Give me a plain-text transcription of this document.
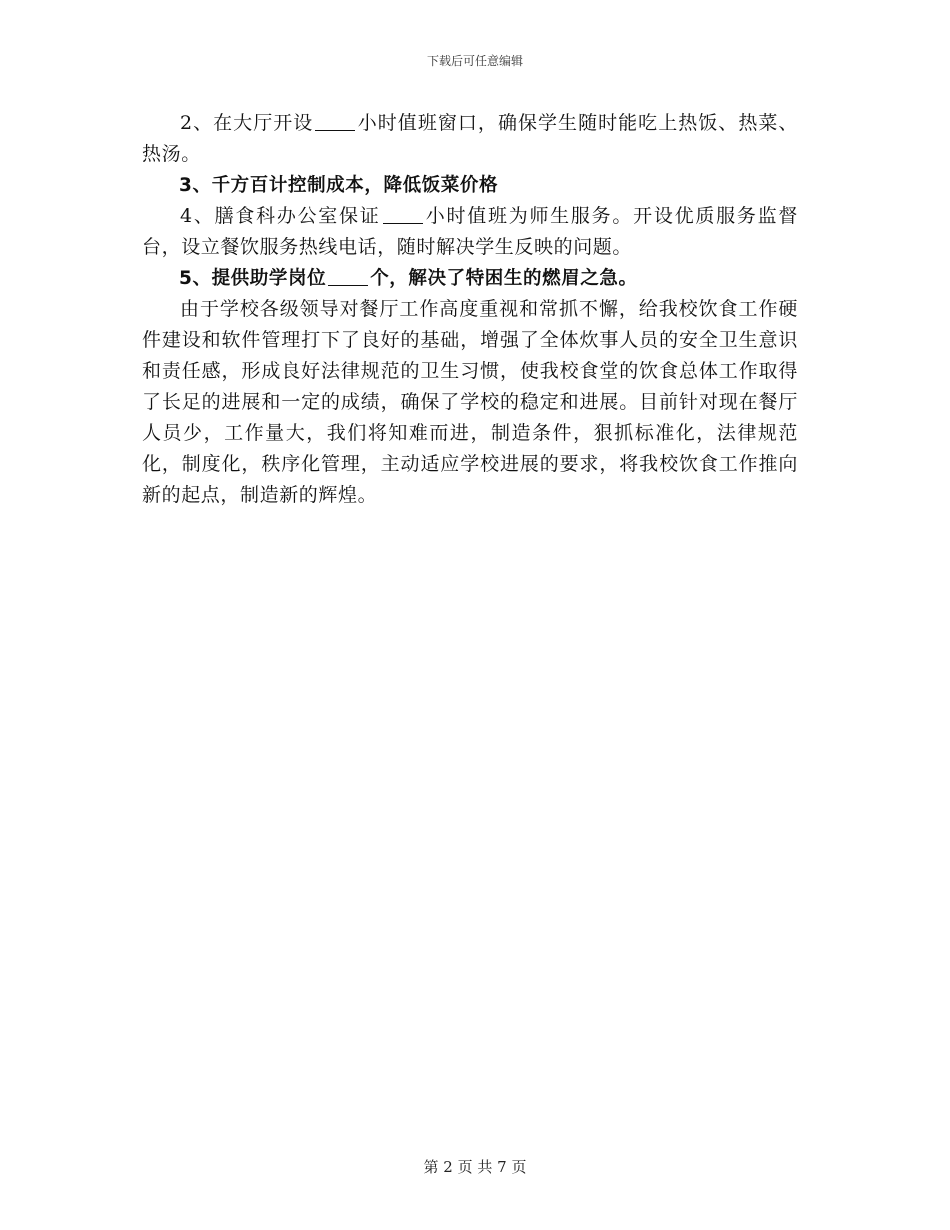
下载后可任意编辑

2、在大厅开设 小时值班窗口，确保学生随时能吃上热饭、热菜、热汤。

3、千方百计控制成本，降低饭菜价格

4、膳食科办公室保证 小时值班为师生服务。开设优质服务监督台，设立餐饮服务热线电话，随时解决学生反映的问题。

5、提供助学岗位 个，解决了特困生的燃眉之急。

由于学校各级领导对餐厅工作高度重视和常抓不懈，给我校饮食工作硬件建设和软件管理打下了良好的基础，增强了全体炊事人员的安全卫生意识和责任感，形成良好法律规范的卫生习惯，使我校食堂的饮食总体工作取得了长足的进展和一定的成绩，确保了学校的稳定和进展。目前针对现在餐厅人员少，工作量大，我们将知难而进，制造条件，狠抓标准化，法律规范化，制度化，秩序化管理，主动适应学校进展的要求，将我校饮食工作推向新的起点，制造新的辉煌。

第 2 页 共 7 页
